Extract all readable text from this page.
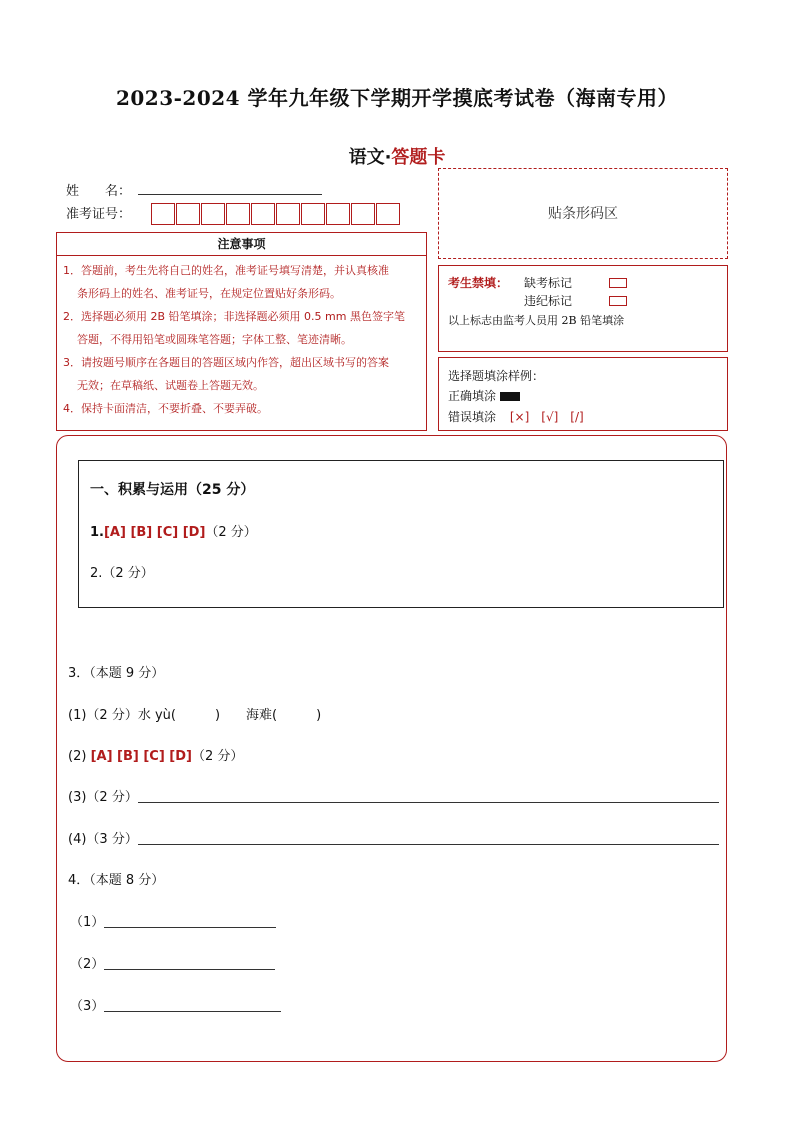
2023-2024 学年九年级下学期开学摸底考试卷（海南专用）
语文·答题卡
姓　　名：
准考证号：	贴条形码区
注意事项
1．答题前，考生先将自己的姓名，准考证号填写清楚，并认真核准
条形码上的姓名、准考证号，在规定位置贴好条形码。
2．选择题必须用 2B 铅笔填涂；非选择题必须用 0.5 mm 黑色签字笔
答题，不得用铅笔或圆珠笔答题；字体工整、笔迹清晰。
3．请按题号顺序在各题目的答题区域内作答，超出区域书写的答案
无效；在草稿纸、试题卷上答题无效。
4．保持卡面清洁，不要折叠、不要弄破。
考生禁填： 缺考标记
违纪标记
以上标志由监考人员用 2B 铅笔填涂
选择题填涂样例：
正确填涂
错误填涂 [×]　[√]　[/]
一、积累与运用（25 分）
1.[A] [B] [C] [D]（2 分）
2.（2 分）
3．（本题 9 分）
(1)（2 分）水 yù(　　　)　　海难(　　　)
(2) [A] [B] [C] [D]（2 分）
(3)（2 分）
(4)（3 分）
4．（本题 8 分）
（1）
（2）
（3）
